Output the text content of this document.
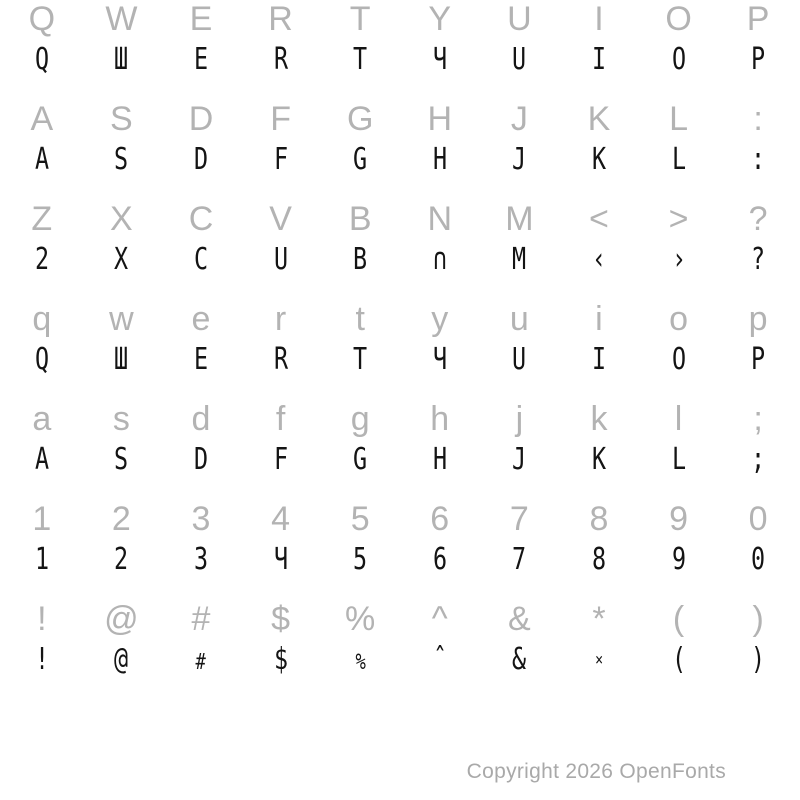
Q	W	E	R	T	Y	U	I	O	P
Q	Ш	E	R	T	Ч	U	I	O	P
A	S	D	F	G	H	J	K	L	:
A	S	D	F	G	H	J	K	L	:
Z	X	C	V	B	N	M	<	>	?
2	X	C	U	B	∩	M	‹	›	?
q	w	e	r	t	y	u	i	o	p
Q	Ш	E	R	T	Ч	U	I	O	P
a	s	d	f	g	h	j	k	l	;
A	S	D	F	G	H	J	K	L	;
1	2	3	4	5	6	7	8	9	0
1	2	3	Ч	5	6	7	8	9	0
!	@	#	$	%	^	&	*	(	)
!	@	#	$	%	ˆ	&	×	(	)
Copyright 2026 OpenFonts
